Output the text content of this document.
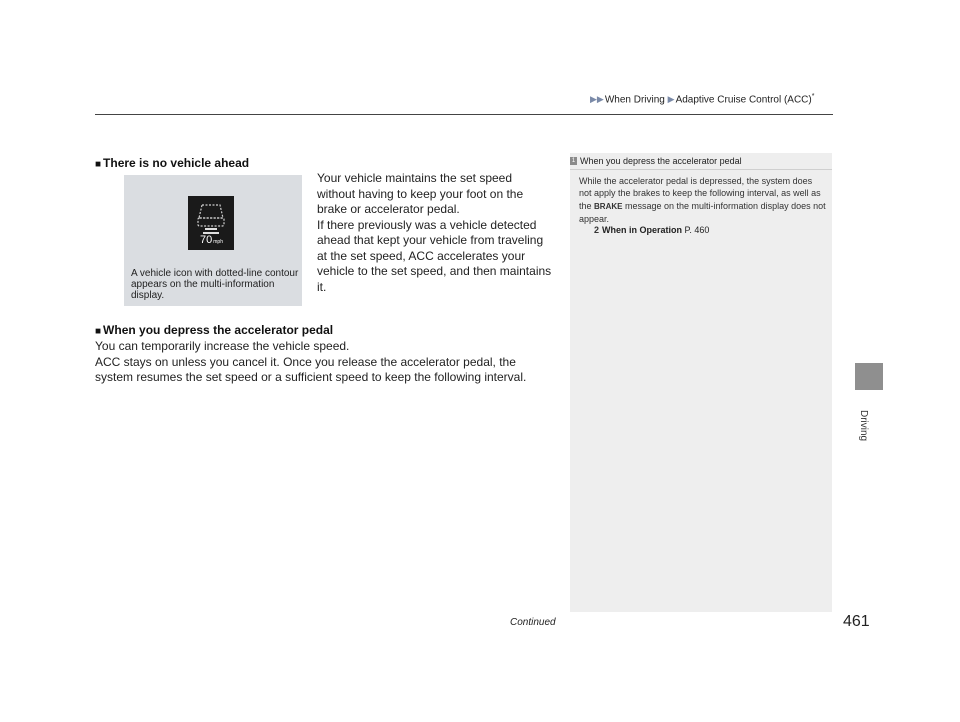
▶▶When Driving ▶Adaptive Cruise Control (ACC)*
Driving
■ There is no vehicle ahead
70mph
A vehicle icon with dotted-line contour appears on the multi-information display.

Your vehicle maintains the set speed without having to keep your foot on the brake or accelerator pedal.

If there previously was a vehicle detected ahead that kept your vehicle from traveling at the set speed, ACC accelerates your vehicle to the set speed, and then maintains it.

■ When you depress the accelerator pedal

You can temporarily increase the vehicle speed.

ACC stays on unless you cancel it. Once you release the accelerator pedal, the system resumes the set speed or a sufficient speed to keep the following interval.

1 When you depress the accelerator pedal
While the accelerator pedal is depressed, the system does not apply the brakes to keep the following interval, as well as the BRAKE message on the multi-information display does not appear.
2 When in Operation P. 460
Continued	461
